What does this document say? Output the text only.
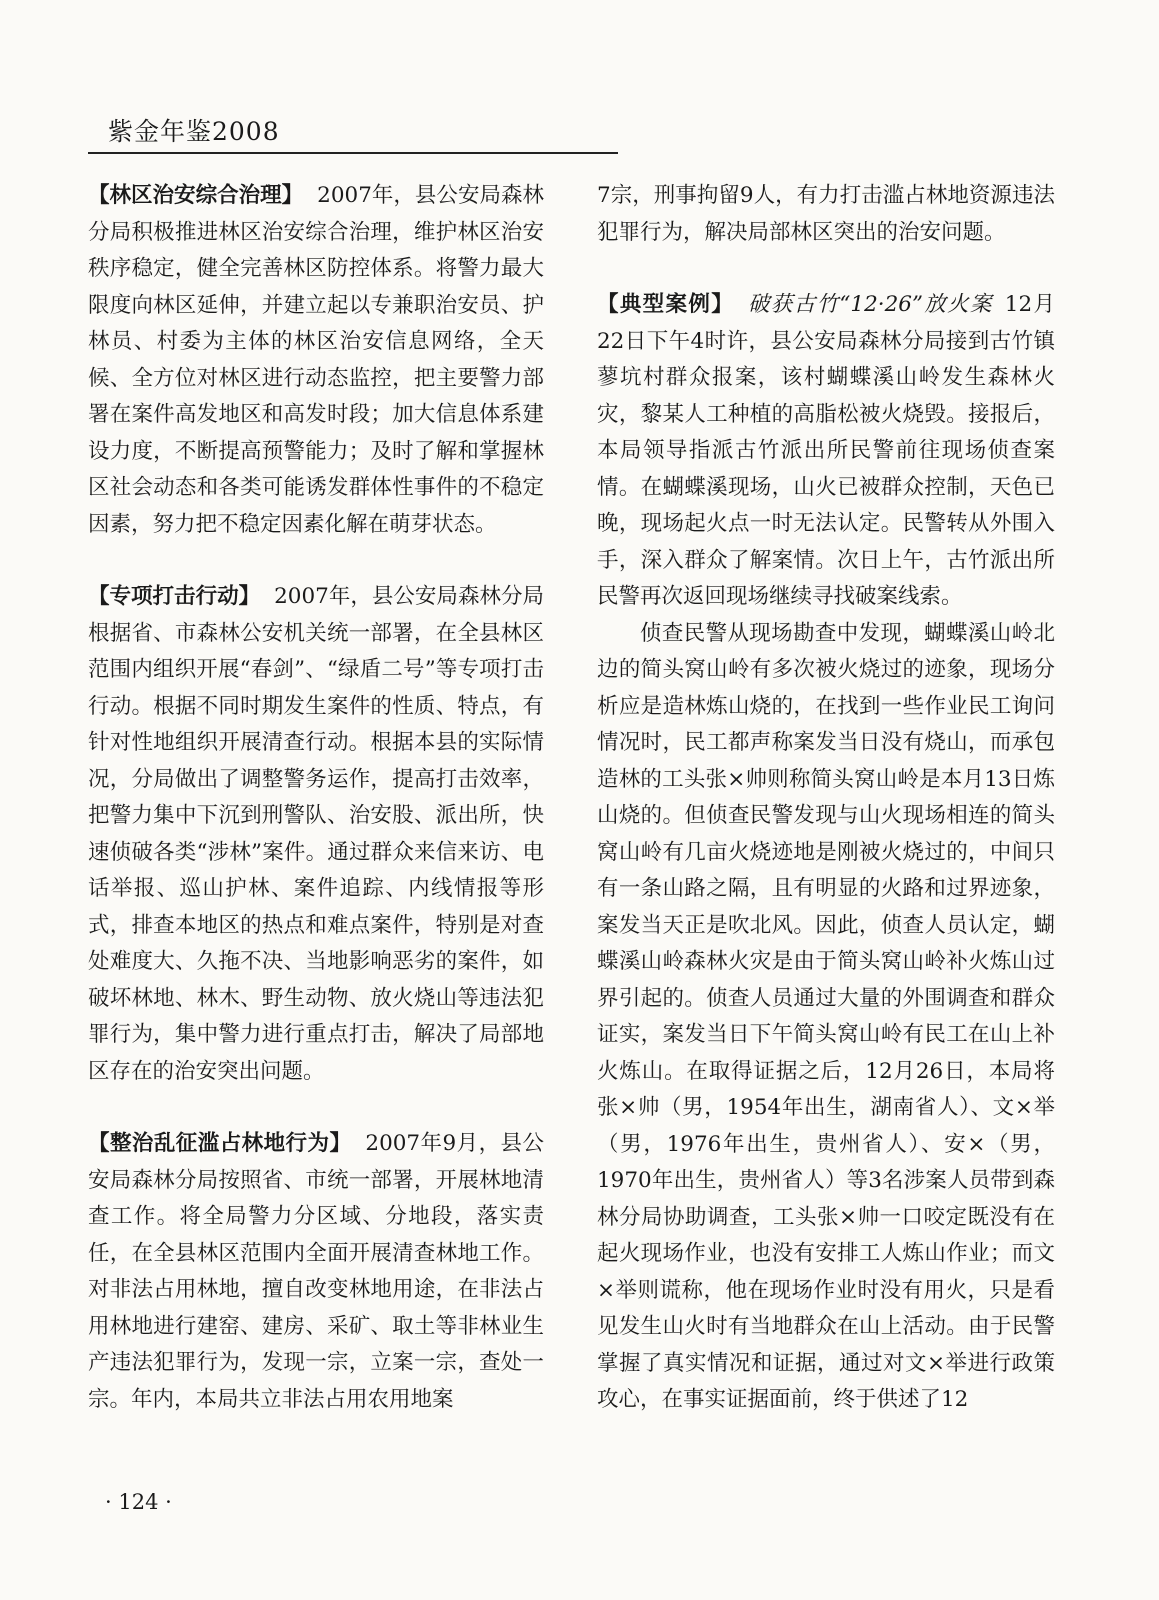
紫金年鉴2008

【林区治安综合治理】 2007年，县公安局森林分局积极推进林区治安综合治理，维护林区治安秩序稳定，健全完善林区防控体系。将警力最大限度向林区延伸，并建立起以专兼职治安员、护林员、村委为主体的林区治安信息网络，全天候、全方位对林区进行动态监控，把主要警力部署在案件高发地区和高发时段；加大信息体系建设力度，不断提高预警能力；及时了解和掌握林区社会动态和各类可能诱发群体性事件的不稳定因素，努力把不稳定因素化解在萌芽状态。

【专项打击行动】 2007年，县公安局森林分局根据省、市森林公安机关统一部署，在全县林区范围内组织开展“春剑”、“绿盾二号”等专项打击行动。根据不同时期发生案件的性质、特点，有针对性地组织开展清查行动。根据本县的实际情况，分局做出了调整警务运作，提高打击效率，把警力集中下沉到刑警队、治安股、派出所，快速侦破各类“涉林”案件。通过群众来信来访、电话举报、巡山护林、案件追踪、内线情报等形式，排查本地区的热点和难点案件，特别是对查处难度大、久拖不决、当地影响恶劣的案件，如破坏林地、林木、野生动物、放火烧山等违法犯罪行为，集中警力进行重点打击，解决了局部地区存在的治安突出问题。

【整治乱征滥占林地行为】 2007年9月，县公安局森林分局按照省、市统一部署，开展林地清查工作。将全局警力分区域、分地段，落实责任，在全县林区范围内全面开展清查林地工作。对非法占用林地，擅自改变林地用途，在非法占用林地进行建窑、建房、采矿、取土等非林业生产违法犯罪行为，发现一宗，立案一宗，查处一宗。年内，本局共立非法占用农用地案

7宗，刑事拘留9人，有力打击滥占林地资源违法犯罪行为，解决局部林区突出的治安问题。

【典型案例】 破获古竹“12·26”放火案 12月22日下午4时许，县公安局森林分局接到古竹镇蓼坑村群众报案，该村蝴蝶溪山岭发生森林火灾，黎某人工种植的高脂松被火烧毁。接报后，本局领导指派古竹派出所民警前往现场侦查案情。在蝴蝶溪现场，山火已被群众控制，天色已晚，现场起火点一时无法认定。民警转从外围入手，深入群众了解案情。次日上午，古竹派出所民警再次返回现场继续寻找破案线索。

侦查民警从现场勘查中发现，蝴蝶溪山岭北边的简头窝山岭有多次被火烧过的迹象，现场分析应是造林炼山烧的，在找到一些作业民工询问情况时，民工都声称案发当日没有烧山，而承包造林的工头张×帅则称简头窝山岭是本月13日炼山烧的。但侦查民警发现与山火现场相连的简头窝山岭有几亩火烧迹地是刚被火烧过的，中间只有一条山路之隔，且有明显的火路和过界迹象，案发当天正是吹北风。因此，侦查人员认定，蝴蝶溪山岭森林火灾是由于简头窝山岭补火炼山过界引起的。侦查人员通过大量的外围调查和群众证实，案发当日下午简头窝山岭有民工在山上补火炼山。在取得证据之后，12月26日，本局将张×帅（男，1954年出生，湖南省人）、文×举（男，1976年出生，贵州省人）、安×（男，1970年出生，贵州省人）等3名涉案人员带到森林分局协助调查，工头张×帅一口咬定既没有在起火现场作业，也没有安排工人炼山作业；而文×举则谎称，他在现场作业时没有用火，只是看见发生山火时有当地群众在山上活动。由于民警掌握了真实情况和证据，通过对文×举进行政策攻心，在事实证据面前，终于供述了12

· 124 ·
